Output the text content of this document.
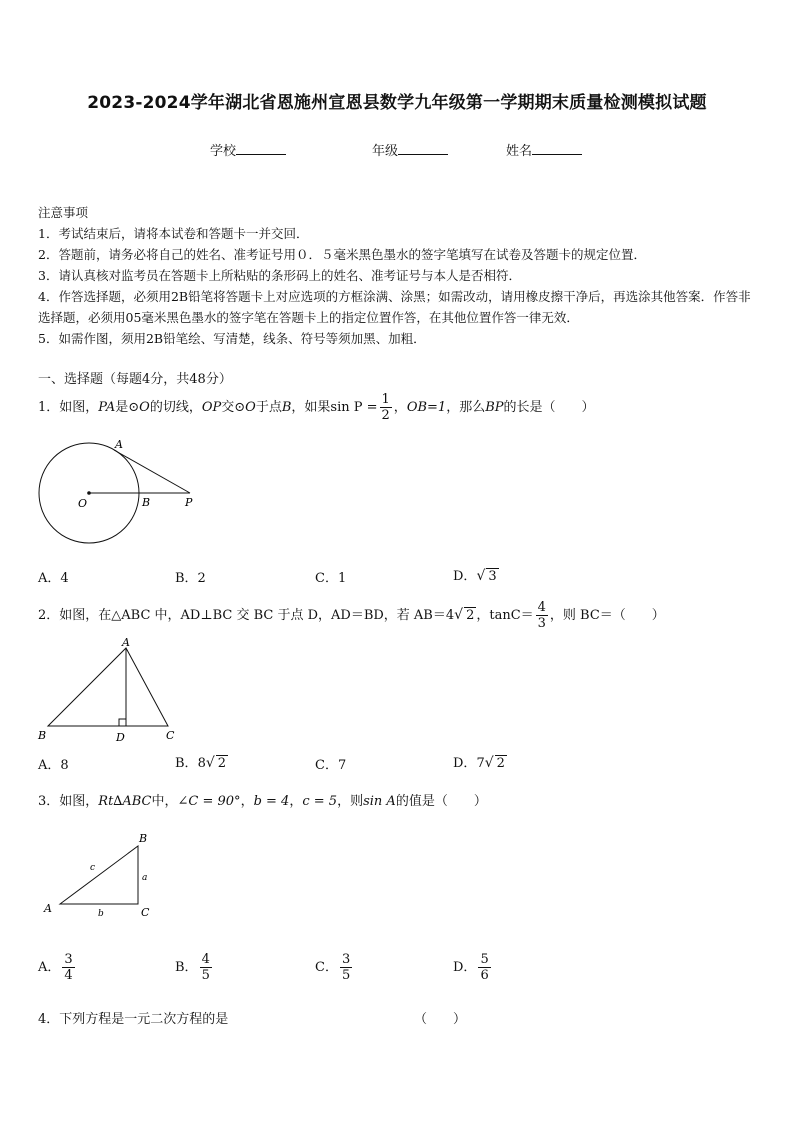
2023-2024学年湖北省恩施州宣恩县数学九年级第一学期期末质量检测模拟试题
学校	年级	姓名

注意事项

1．考试结束后，请将本试卷和答题卡一并交回．

2．答题前，请务必将自己的姓名、准考证号用０．５毫米黑色墨水的签字笔填写在试卷及答题卡的规定位置．

3．请认真核对监考员在答题卡上所粘贴的条形码上的姓名、准考证号与本人是否相符．

4．作答选择题，必须用2B铅笔将答题卡上对应选项的方框涂满、涂黑；如需改动，请用橡皮擦干净后，再选涂其他答案．作答非选择题，必须用05毫米黑色墨水的签字笔在答题卡上的指定位置作答，在其他位置作答一律无效．

5．如需作图，须用2B铅笔绘、写清楚，线条、符号等须加黑、加粗．

一、选择题（每题4分，共48分）
1．如图，PA是⊙O的切线，OP交⊙O于点B，如果$\sin P = \frac{1}{2}$ ，OB=1，那么BP的长是（　　）
A
O	B	P
A．4	B．2	C．1	D．√ 3
2．如图，在△ABC 中，AD⊥BC 交 BC 于点 D，AD＝BD，若 AB＝4√ 2 ，$\tan C= \frac{4}{3}$ ，则 BC＝（　　）
A
B	D	C
A．8	B．8√ 2	C．7	D．7√ 2
3．如图，Rt∆ABC中，∠C = 90°，b = 4，c = 5，则sin A的值是（　　）
B
A	C
a
b
c
A． $\frac{3}{4}$	B． $\frac{4}{5}$	C． $\frac{3}{5}$	D． $\frac{5}{6}$
4．下列方程是一元二次方程的是	（　　）
